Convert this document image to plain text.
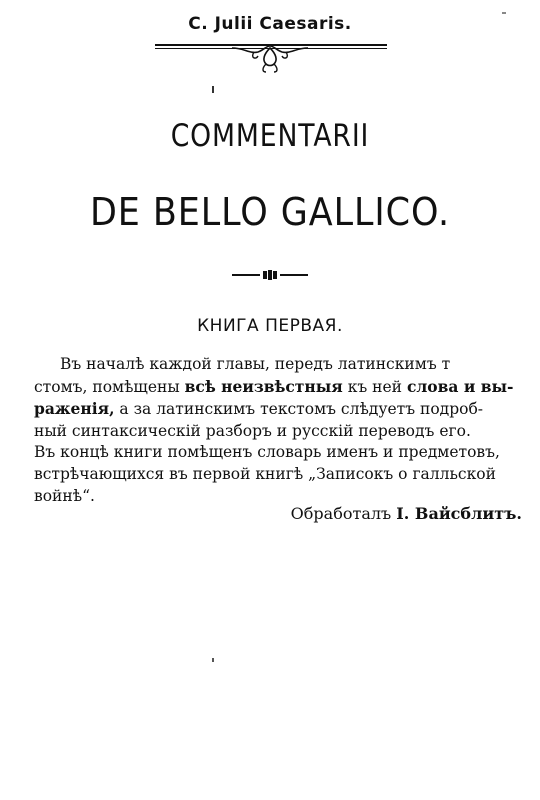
C. Julii Caesaris.
COMMENTARII
DE BELLO GALLICO.
КНИГА ПЕРВАЯ.
Въ началѣ каждой главы, передъ латинскимъ т
стомъ, помѣщены всѣ неизвѣстныя къ ней слова и вы-
раженія, а за латинскимъ текстомъ слѣдуетъ подроб-
ный синтаксическій разборъ и русскій переводъ его.
Въ концѣ книги помѣщенъ словарь именъ и предметовъ,
встрѣчающихся въ первой книгѣ „Записокъ о галльской
войнѣ“.
Обработалъ I. Вайсблитъ.
